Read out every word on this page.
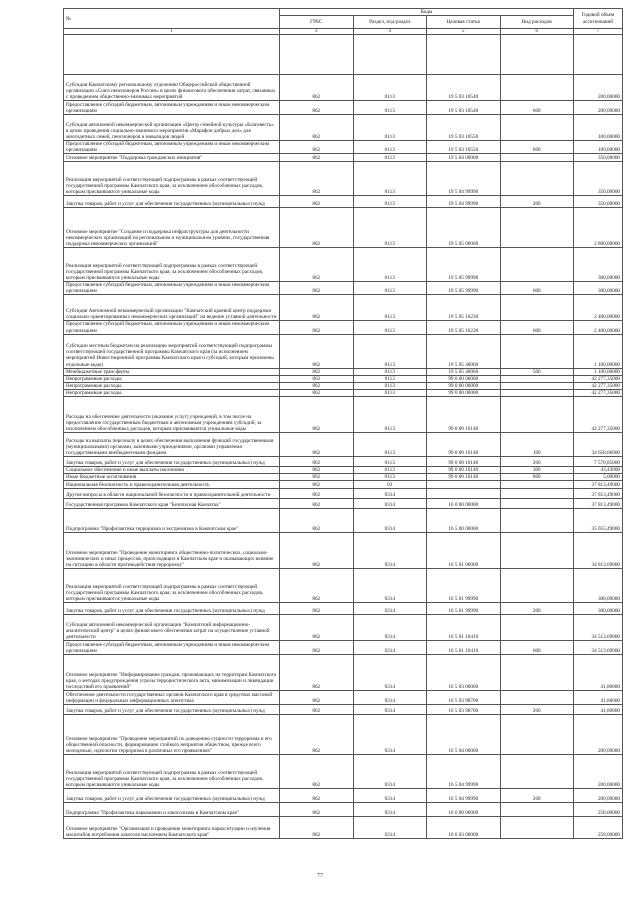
№	Коды				Годовой объем ассигнований
	ГРБС	Раздел, под-раздел	Целевая статья	Вид расходов	
1	3	4	5	6	7

Субсидия Камчатскому региональному отделению Общероссийской общественной организации «Союз пенсионеров России» в целях финансового обеспечения затрат, связанных с проведением общественно-значимых мероприятий	862	0113	19 5 03 10540		200,00000
Предоставление субсидий бюджетным, автономным учреждениям и иным некоммерческим организациям	862	0113	19 5 03 10540	600	200,00000
Субсидия автономной некоммерческой организации «Центр семейной культуры «Благовесть» в целях проведения социально-значимого мероприятия «Марафон добрых дел» для многодетных семей, пенсионеров и инвалидов людей	862	0113	19 5 03 10550		100,00000
Предоставление субсидий бюджетным, автономным учреждениям и иным некоммерческим организациям	862	0113	19 5 03 10550	600	100,00000
Основное мероприятие "Поддержка гражданских инициатив"	862	0113	19 5 04 00000		350,00000
Реализация мероприятий соответствующей подпрограммы в рамках соответствующей государственной программы Камчатского края, за исключением обособленных расходов, которым присваиваются уникальные коды	862	0113	19 5 04 99990		350,00000
Закупка товаров, работ и услуг для обеспечения государственных (муниципальных) нужд	862	0113	19 5 04 99990	200	350,00000
Основное мероприятие "Создание и поддержка инфраструктуры для деятельности некоммерческих организаций на региональном и муниципальном уровнях, государственная поддержка некоммерческих организаций"	862	0113	19 5 05 00000		2 800,00000
Реализация мероприятий соответствующей подпрограммы в рамках соответствующей государственной программы Камчатского края, за исключением обособленных расходов, которым присваиваются уникальные коды	862	0113	19 5 05 99990		300,00000
Предоставление субсидий бюджетным, автономным учреждениям и иным некоммерческим организациям	862	0113	19 5 05 99990	600	300,00000
Субсидия Автономной некоммерческой организации "Камчатский краевой центр поддержки социально ориентированных некоммерческих организаций" на ведение уставной деятельности	862	0113	19 5 05 10230		2 400,00000
Предоставление субсидий бюджетным, автономным учреждениям и иным некоммерческим организациям	862	0113	19 5 05 10230	600	2 400,00000
Субсидии местным бюджетам на реализацию мероприятий соответствующей подпрограммы соответствующей государственной программы Камчатского края (за исполнением мероприятий Инвестиционной программы Камчатского края и субсидий, которым присвоены отдельные коды)	862	0113	19 5 05 40060		1 100,00000
Межбюджетные трансферты	862	0113	19 5 05 40060	500	1 100,00000
Непрограммные расходы	862	0113	99 0 00 00000		42 277,35000
Непрограммные расходы	862	0113	99 0 00 00000		42 277,35000
Непрограммные расходы	862	0113	99 0 00 00000		42 277,35000
Расходы на обеспечение деятельности (оказание услуг) учреждений, в том числе на предоставление государственным бюджетным и автономным учреждениям субсидий, за исключением обособленных расходов, которым присваиваются уникальные коды	862	0113	99 0 00 10140		42 277,35000
Расходы на выплаты персоналу в целях обеспечения выполнения функций государственными (муниципальными) органами, казенными учреждениями, органами управления государственными внебюджетными фондами	862	0113	99 0 00 10140	100	34 658,06000
Закупка товаров, работ и услуг для обеспечения государственных (муниципальных) нужд	862	0113	99 0 00 10140	200	7 570,85000
Социальное обеспечение и иные выплаты населению	862	0113	99 0 00 10140	300	43,43000
Иные бюджетные ассигнования	862	0113	99 0 00 10140	800	5,00000
Национальная безопасность и правоохранительная деятельность	862	03			37 813,49000
Другие вопросы в области национальной безопасности и правоохранительной деятельности	862	0314			37 813,49000
Государственная программа Камчатского края "Безопасная Камчатка"	862	0314	16 0 00 00000		37 813,49000
Подпрограмма "Профилактика терроризма и экстремизма в Камчатском крае"	862	0314	16 5 00 00000		35 055,49000
Основное мероприятие "Проведение мониторинга общественно-политических, социально-экономических и иных процессов, происходящих в Камчатском крае и оказывающих влияние на ситуацию в области противодействия терроризму"	862	0314	16 5 01 00000		34 813,69000
Реализация мероприятий соответствующей подпрограммы в рамках соответствующей государственной программы Камчатского края, за исключением обособленных расходов, которым присваиваются уникальные коды	862	0314	16 5 01 99990		300,00000
Закупка товаров, работ и услуг для обеспечения государственных (муниципальных) нужд	862	0314	16 5 01 99990	200	300,00000
Субсидия автономной некоммерческой организации "Камчатский информационно-аналитический центр" в целях финансового обеспечения затрат на осуществление уставной деятельности	862	0314	16 5 01 10410		34 513,69000
Предоставление субсидий бюджетным, автономным учреждениям и иным некоммерческим организациям	862	0314	16 5 01 10410	600	34 513,69000
Основное мероприятие "Информирование граждан, проживающих на территории Камчатского края, о методах предупреждения угрозы террористического акта, минимизации и ликвидации последствий его проявлений"	862	0314	16 5 03 00000		41,80000
Обеспечение деятельности государственных органов Камчатского края в средствах массовой информации и федеральных информационных агентствах	862	0314	16 5 03 98700		41,80000
Закупка товаров, работ и услуг для обеспечения государственных (муниципальных) нужд	862	0314	16 5 03 98700	200	41,80000
Основное мероприятие "Проведение мероприятий по доведению сущности терроризма и его общественной опасности, формированию стойкого неприятия обществом, прежде всего молодежью, идеологии терроризма в различных его проявлениях"	862	0314	16 5 04 00000		200,00000
Реализация мероприятий соответствующей подпрограммы в рамках соответствующей государственной программы Камчатского края, за исключением обособленных расходов, которым присваиваются уникальные коды	862	0314	16 5 04 99990		200,00000
Закупка товаров, работ и услуг для обеспечения государственных (муниципальных) нужд	862	0314	16 5 04 99990	200	200,00000
Подпрограмма "Профилактика наркомании и алкоголизма в Камчатском крае"	862	0314	16 6 00 00000		258,00000
Основное мероприятие "Организация и проведение мониторинга наркоситуации и изучения масштабов потребления алкоголя населением Камчатского края"	862	0314	16 6 03 00000		258,00000
77
